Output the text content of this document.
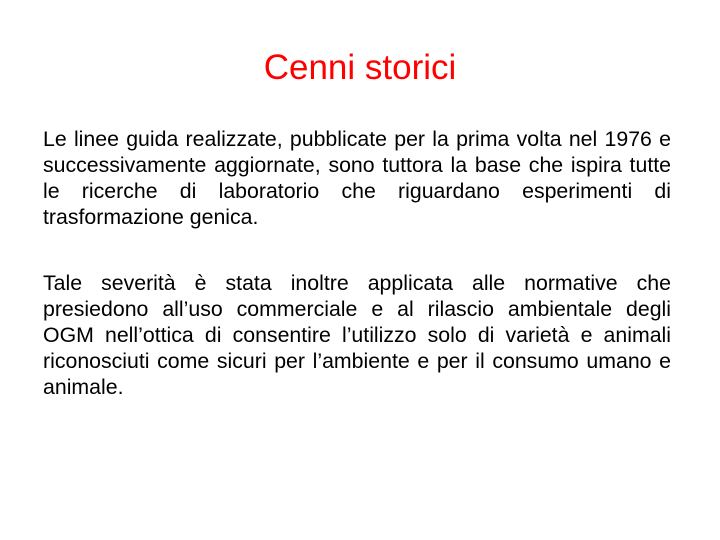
Cenni storici

Le linee guida realizzate, pubblicate per la prima volta nel 1976 e successivamente aggiornate, sono tuttora la base che ispira tutte le ricerche di laboratorio che riguardano esperimenti di trasformazione genica.

Tale severità è stata inoltre applicata alle normative che presiedono all’uso commerciale e al rilascio ambientale degli OGM nell’ottica di consentire l’utilizzo solo di varietà e animali riconosciuti come sicuri per l’ambiente e per il consumo umano e animale.
